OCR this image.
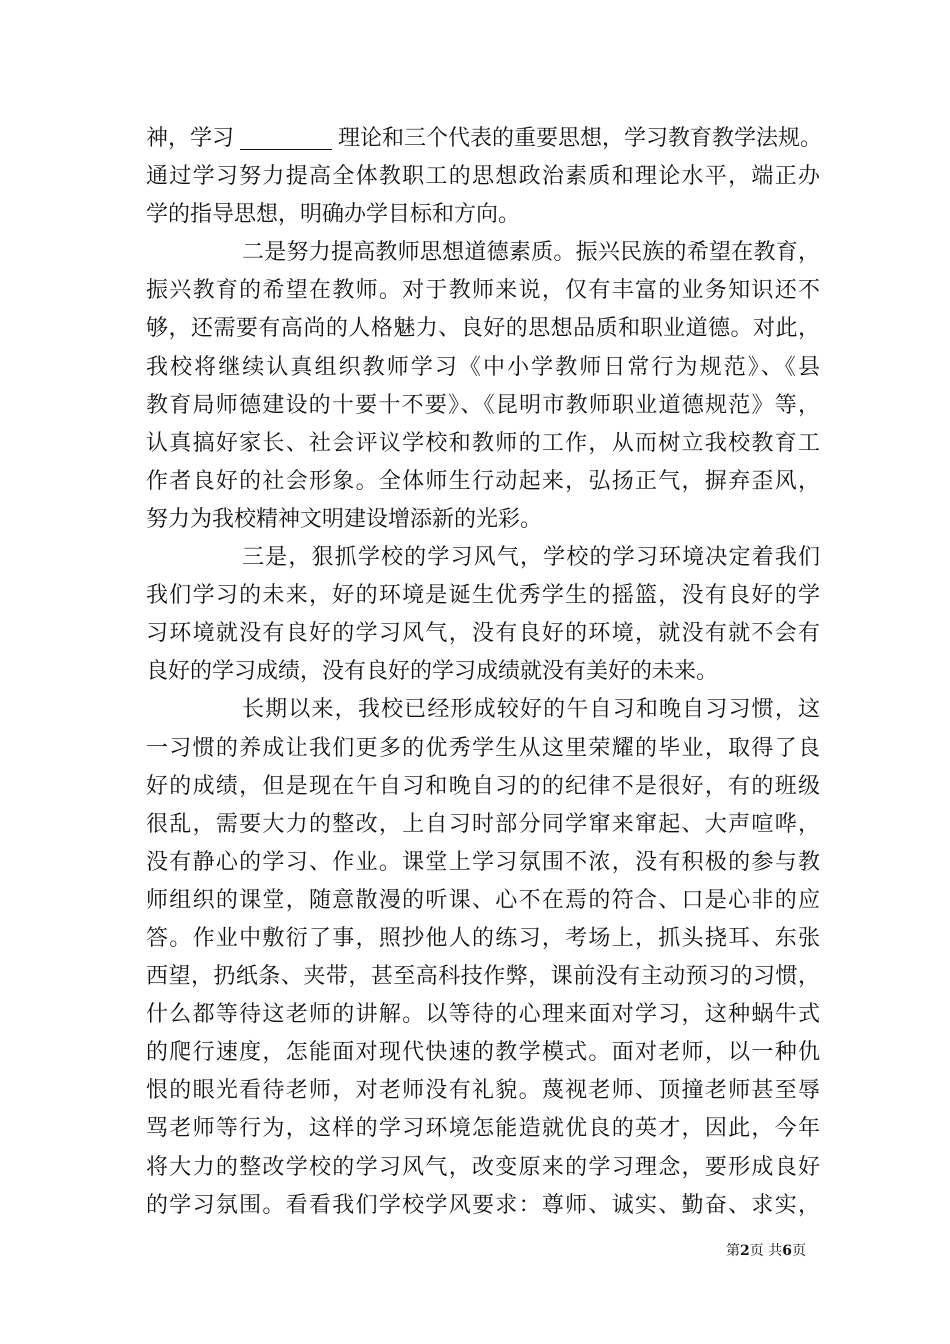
神，学习	理论和三个代表的重要思想，学习教育教学法规。
通过学习努力提高全体教职工的思想政治素质和理论水平，端正办
学的指导思想，明确办学目标和方向。
二是努力提高教师思想道德素质。振兴民族的希望在教育，
振兴教育的希望在教师。对于教师来说，仅有丰富的业务知识还不
够，还需要有高尚的人格魅力、良好的思想品质和职业道德。对此，
我校将继续认真组织教师学习《中小学教师日常行为规范》、《县
教育局师德建设的十要十不要》、《昆明市教师职业道德规范》等，
认真搞好家长、社会评议学校和教师的工作，从而树立我校教育工
作者良好的社会形象。全体师生行动起来，弘扬正气，摒弃歪风，
努力为我校精神文明建设增添新的光彩。
三是，狠抓学校的学习风气，学校的学习环境决定着我们
我们学习的未来，好的环境是诞生优秀学生的摇篮，没有良好的学
习环境就没有良好的学习风气，没有良好的环境，就没有就不会有
良好的学习成绩，没有良好的学习成绩就没有美好的未来。
长期以来，我校已经形成较好的午自习和晚自习习惯，这
一习惯的养成让我们更多的优秀学生从这里荣耀的毕业，取得了良
好的成绩，但是现在午自习和晚自习的的纪律不是很好，有的班级
很乱，需要大力的整改，上自习时部分同学窜来窜起、大声喧哗，
没有静心的学习、作业。课堂上学习氛围不浓，没有积极的参与教
师组织的课堂，随意散漫的听课、心不在焉的符合、口是心非的应
答。作业中敷衍了事，照抄他人的练习，考场上，抓头挠耳、东张
西望，扔纸条、夹带，甚至高科技作弊，课前没有主动预习的习惯，
什么都等待这老师的讲解。以等待的心理来面对学习，这种蜗牛式
的爬行速度，怎能面对现代快速的教学模式。面对老师，以一种仇
恨的眼光看待老师，对老师没有礼貌。蔑视老师、顶撞老师甚至辱
骂老师等行为，这样的学习环境怎能造就优良的英才，因此，今年
将大力的整改学校的学习风气，改变原来的学习理念，要形成良好
的学习氛围。看看我们学校学风要求：尊师、诚实、勤奋、求实，
第2页 共6页
